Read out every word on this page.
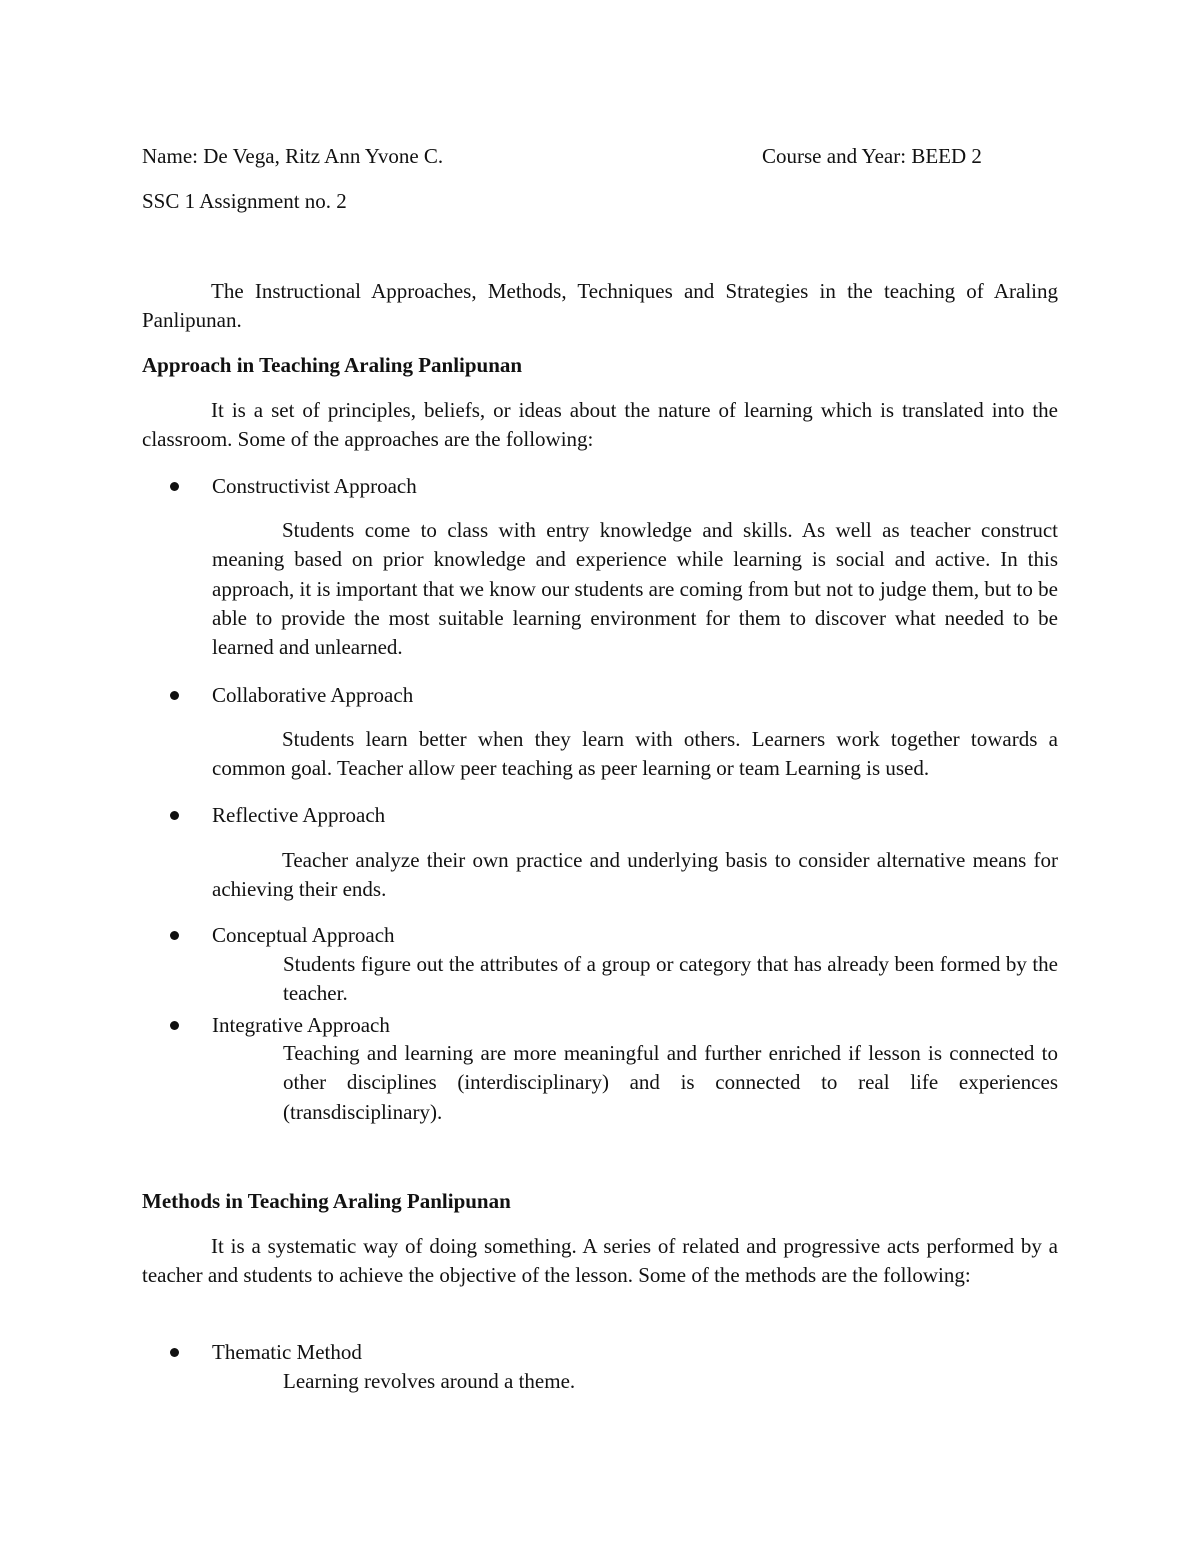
Name: De Vega, Ritz Ann Yvone C.	Course and Year: BEED 2
SSC 1 Assignment no. 2
The Instructional Approaches, Methods, Techniques and Strategies in the teaching of Araling Panlipunan.
Approach in Teaching Araling Panlipunan
It is a set of principles, beliefs, or ideas about the nature of learning which is translated into the classroom. Some of the approaches are the following:
Constructivist Approach
Students come to class with entry knowledge and skills. As well as teacher construct meaning based on prior knowledge and experience while learning is social and active. In this approach, it is important that we know our students are coming from but not to judge them, but to be able to provide the most suitable learning environment for them to discover what needed to be learned and unlearned.
Collaborative Approach
Students learn better when they learn with others. Learners work together towards a common goal. Teacher allow peer teaching as peer learning or team Learning is used.
Reflective Approach
Teacher analyze their own practice and underlying basis to consider alternative means for achieving their ends.
Conceptual Approach
Students figure out the attributes of a group or category that has already been formed by the teacher.
Integrative Approach
Teaching and learning are more meaningful and further enriched if lesson is connected to other disciplines (interdisciplinary) and is connected to real life experiences (transdisciplinary).
Methods in Teaching Araling Panlipunan
It is a systematic way of doing something. A series of related and progressive acts performed by a teacher and students to achieve the objective of the lesson. Some of the methods are the following:
Thematic Method
Learning revolves around a theme.
